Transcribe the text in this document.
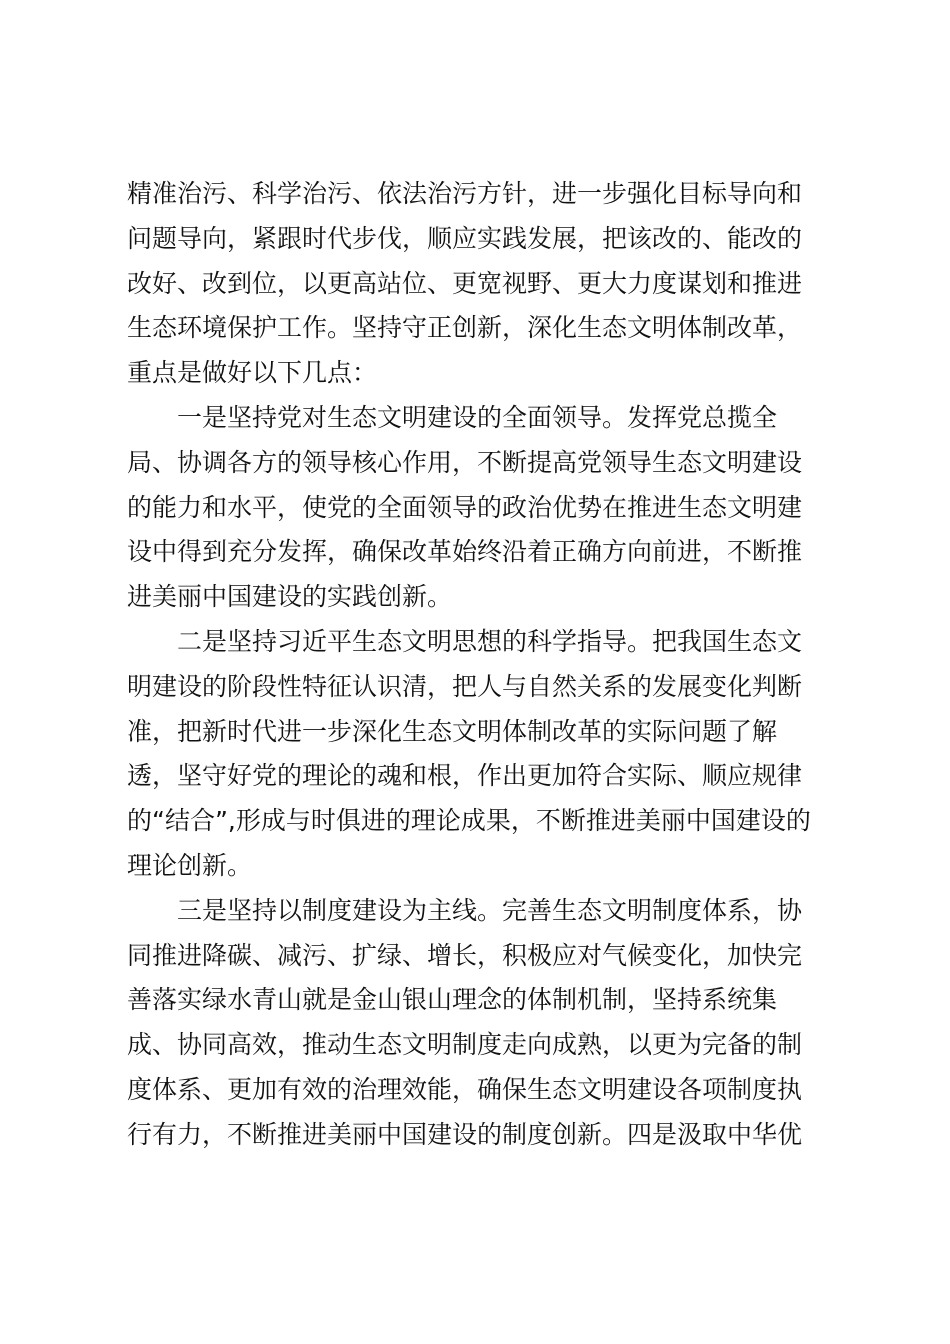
精准治污、科学治污、依法治污方针，进一步强化目标导向和
问题导向，紧跟时代步伐，顺应实践发展，把该改的、能改的
改好、改到位，以更高站位、更宽视野、更大力度谋划和推进
生态环境保护工作。坚持守正创新，深化生态文明体制改革，
重点是做好以下几点：
一是坚持党对生态文明建设的全面领导。发挥党总揽全
局、协调各方的领导核心作用，不断提高党领导生态文明建设
的能力和水平，使党的全面领导的政治优势在推进生态文明建
设中得到充分发挥，确保改革始终沿着正确方向前进，不断推
进美丽中国建设的实践创新。
二是坚持习近平生态文明思想的科学指导。把我国生态文
明建设的阶段性特征认识清，把人与自然关系的发展变化判断
准，把新时代进一步深化生态文明体制改革的实际问题了解
透，坚守好党的理论的魂和根，作出更加符合实际、顺应规律
的“结合”,形成与时俱进的理论成果，不断推进美丽中国建设的
理论创新。
三是坚持以制度建设为主线。完善生态文明制度体系，协
同推进降碳、减污、扩绿、增长，积极应对气候变化，加快完
善落实绿水青山就是金山银山理念的体制机制，坚持系统集
成、协同高效，推动生态文明制度走向成熟，以更为完备的制
度体系、更加有效的治理效能，确保生态文明建设各项制度执
行有力，不断推进美丽中国建设的制度创新。四是汲取中华优
